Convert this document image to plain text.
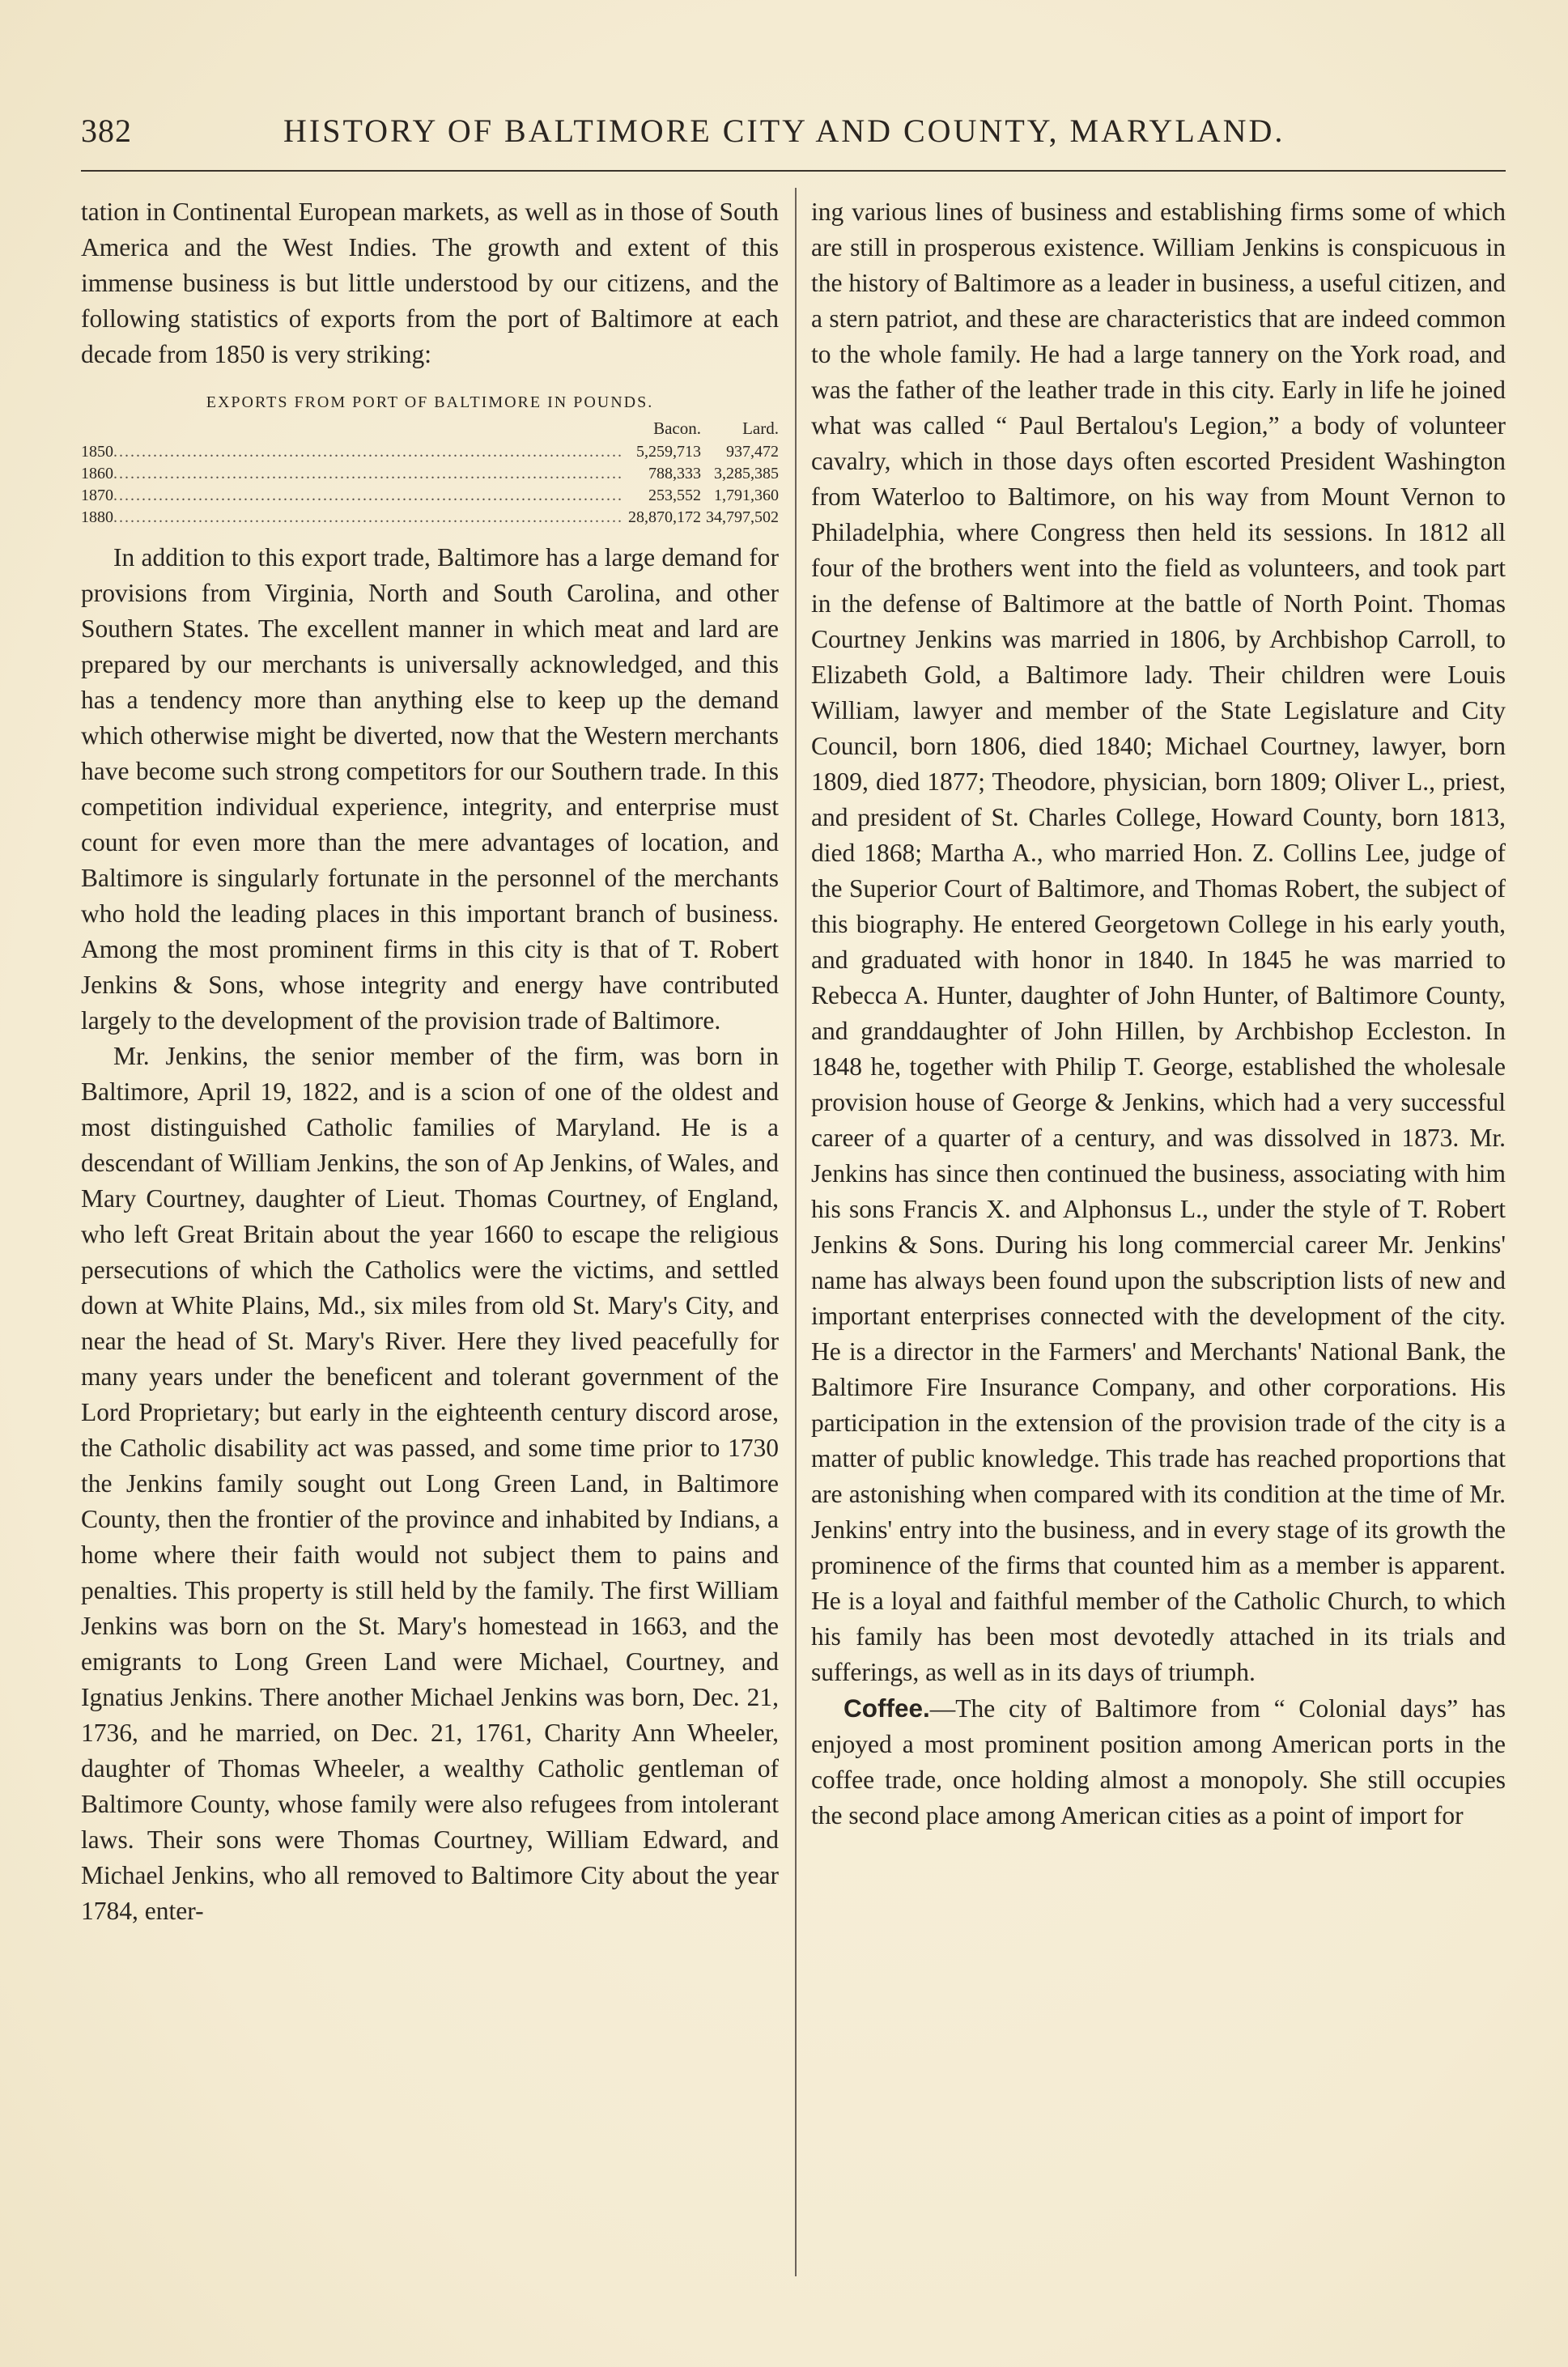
382	HISTORY OF BALTIMORE CITY AND COUNTY, MARYLAND.

tation in Continental European markets, as well as in those of South America and the West Indies. The growth and extent of this immense business is but little understood by our citizens, and the following statistics of exports from the port of Baltimore at each decade from 1850 is very striking:

EXPORTS FROM PORT OF BALTIMORE IN POUNDS.
	Bacon.	Lard.
1850..........................................................................................	5,259,713	937,472
1860..........................................................................................	788,333	3,285,385
1870..........................................................................................	253,552	1,791,360
1880..........................................................................................	28,870,172	34,797,502

In addition to this export trade, Baltimore has a large demand for provisions from Virginia, North and South Carolina, and other Southern States. The excellent manner in which meat and lard are prepared by our merchants is universally acknowledged, and this has a tendency more than anything else to keep up the demand which otherwise might be diverted, now that the Western merchants have become such strong competitors for our Southern trade. In this competition individual experience, integrity, and enterprise must count for even more than the mere advantages of location, and Baltimore is singularly fortunate in the personnel of the merchants who hold the leading places in this important branch of business. Among the most prominent firms in this city is that of T. Robert Jenkins & Sons, whose integrity and energy have contributed largely to the development of the provision trade of Baltimore.

Mr. Jenkins, the senior member of the firm, was born in Baltimore, April 19, 1822, and is a scion of one of the oldest and most distinguished Catholic families of Maryland. He is a descendant of William Jenkins, the son of Ap Jenkins, of Wales, and Mary Courtney, daughter of Lieut. Thomas Courtney, of England, who left Great Britain about the year 1660 to escape the religious persecutions of which the Catholics were the victims, and settled down at White Plains, Md., six miles from old St. Mary's City, and near the head of St. Mary's River. Here they lived peacefully for many years under the beneficent and tolerant government of the Lord Proprietary; but early in the eighteenth century discord arose, the Catholic disability act was passed, and some time prior to 1730 the Jenkins family sought out Long Green Land, in Baltimore County, then the frontier of the province and inhabited by Indians, a home where their faith would not subject them to pains and penalties. This property is still held by the family. The first William Jenkins was born on the St. Mary's homestead in 1663, and the emigrants to Long Green Land were Michael, Courtney, and Ignatius Jenkins. There another Michael Jenkins was born, Dec. 21, 1736, and he married, on Dec. 21, 1761, Charity Ann Wheeler, daughter of Thomas Wheeler, a wealthy Catholic gentleman of Baltimore County, whose family were also refugees from intolerant laws. Their sons were Thomas Courtney, William Edward, and Michael Jenkins, who all removed to Baltimore City about the year 1784, enter-

ing various lines of business and establishing firms some of which are still in prosperous existence. William Jenkins is conspicuous in the history of Baltimore as a leader in business, a useful citizen, and a stern patriot, and these are characteristics that are indeed common to the whole family. He had a large tannery on the York road, and was the father of the leather trade in this city. Early in life he joined what was called “ Paul Bertalou's Legion,” a body of volunteer cavalry, which in those days often escorted President Washington from Waterloo to Baltimore, on his way from Mount Vernon to Philadelphia, where Congress then held its sessions. In 1812 all four of the brothers went into the field as volunteers, and took part in the defense of Baltimore at the battle of North Point. Thomas Courtney Jenkins was married in 1806, by Archbishop Carroll, to Elizabeth Gold, a Baltimore lady. Their children were Louis William, lawyer and member of the State Legislature and City Council, born 1806, died 1840; Michael Courtney, lawyer, born 1809, died 1877; Theodore, physician, born 1809; Oliver L., priest, and president of St. Charles College, Howard County, born 1813, died 1868; Martha A., who married Hon. Z. Collins Lee, judge of the Superior Court of Baltimore, and Thomas Robert, the subject of this biography. He entered Georgetown College in his early youth, and graduated with honor in 1840. In 1845 he was married to Rebecca A. Hunter, daughter of John Hunter, of Baltimore County, and granddaughter of John Hillen, by Archbishop Eccleston. In 1848 he, together with Philip T. George, established the wholesale provision house of George & Jenkins, which had a very successful career of a quarter of a century, and was dissolved in 1873. Mr. Jenkins has since then continued the business, associating with him his sons Francis X. and Alphonsus L., under the style of T. Robert Jenkins & Sons. During his long commercial career Mr. Jenkins' name has always been found upon the subscription lists of new and important enterprises connected with the development of the city. He is a director in the Farmers' and Merchants' National Bank, the Baltimore Fire Insurance Company, and other corporations. His participation in the extension of the provision trade of the city is a matter of public knowledge. This trade has reached proportions that are astonishing when compared with its condition at the time of Mr. Jenkins' entry into the business, and in every stage of its growth the prominence of the firms that counted him as a member is apparent. He is a loyal and faithful member of the Catholic Church, to which his family has been most devotedly attached in its trials and sufferings, as well as in its days of triumph.

Coffee.—The city of Baltimore from “ Colonial days” has enjoyed a most prominent position among American ports in the coffee trade, once holding almost a monopoly. She still occupies the second place among American cities as a point of import for
